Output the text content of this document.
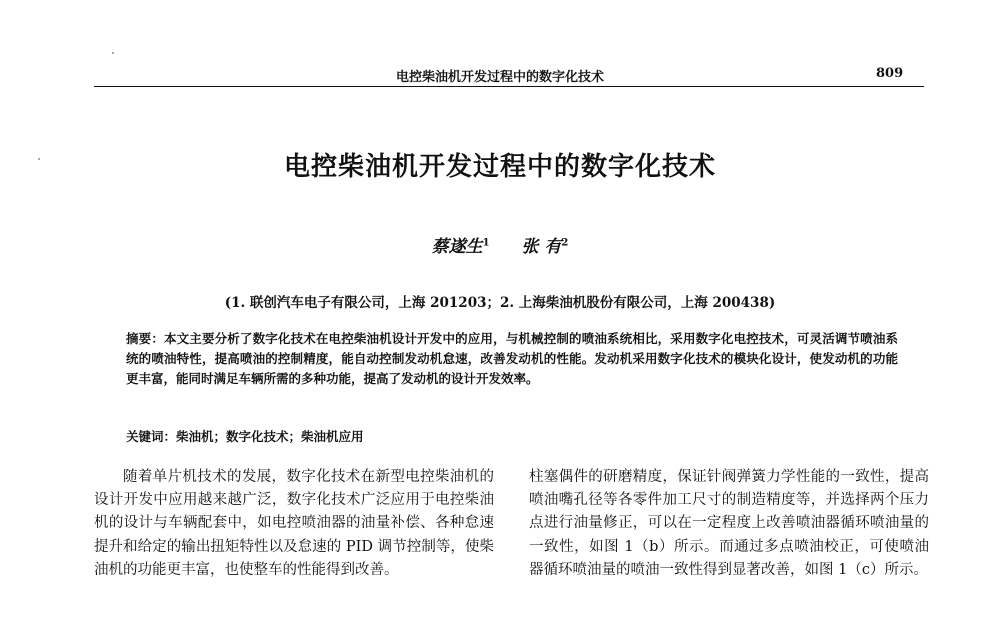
电控柴油机开发过程中的数字化技术	809
电控柴油机开发过程中的数字化技术
蔡遂生$^1$ 张 有$^2$
(1. 联创汽车电子有限公司，上海 201203；2. 上海柴油机股份有限公司，上海 200438)
摘要：本文主要分析了数字化技术在电控柴油机设计开发中的应用，与机械控制的喷油系统相比，采用数字化电控技术，可灵活调节喷油系统的喷油特性，提高喷油的控制精度，能自动控制发动机怠速，改善发动机的性能。发动机采用数字化技术的模块化设计，使发动机的功能更丰富，能同时满足车辆所需的多种功能，提高了发动机的设计开发效率。
关键词：柴油机；数字化技术；柴油机应用
随着单片机技术的发展，数字化技术在新型电控柴油机的设计开发中应用越来越广泛，数字化技术广泛应用于电控柴油机的设计与车辆配套中，如电控喷油器的油量补偿、各种怠速提升和给定的输出扭矩特性以及怠速的 PID 调节控制等，使柴油机的功能更丰富，也使整车的性能得到改善。
柱塞偶件的研磨精度，保证针阀弹簧力学性能的一致性，提高喷油嘴孔径等各零件加工尺寸的制造精度等，并选择两个压力点进行油量修正，可以在一定程度上改善喷油器循环喷油量的一致性，如图 1（b）所示。而通过多点喷油校正，可使喷油器循环喷油量的喷油一致性得到显著改善，如图 1（c）所示。
